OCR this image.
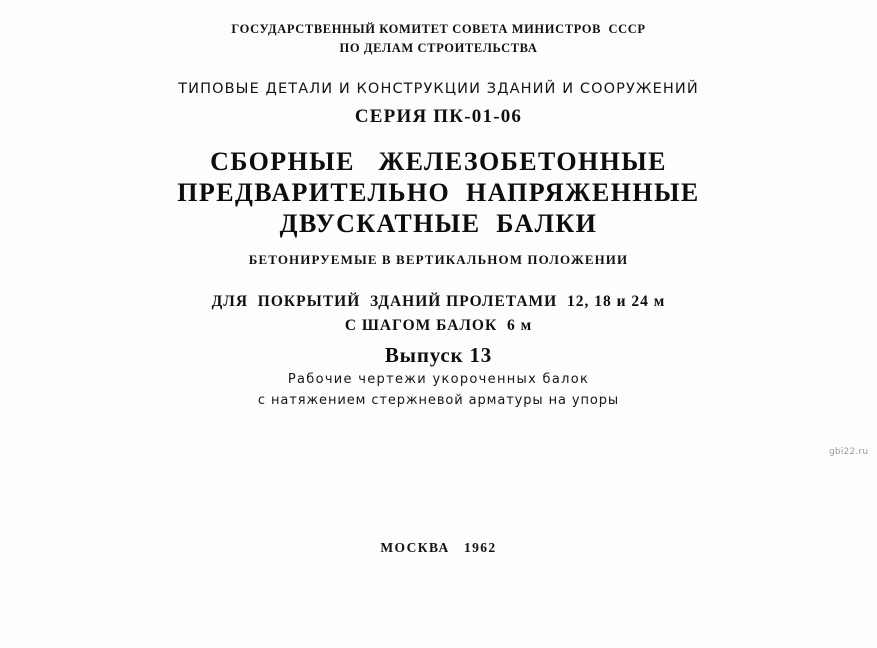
ГОСУДАРСТВЕННЫЙ КОМИТЕТ СОВЕТА МИНИСТРОВ  СССР
ПО ДЕЛАМ СТРОИТЕЛЬСТВА
ТИПОВЫЕ ДЕТАЛИ И КОНСТРУКЦИИ ЗДАНИЙ И СООРУЖЕНИЙ
СЕРИЯ ПК-01-06
СБОРНЫЕ   ЖЕЛЕЗОБЕТОННЫЕ
ПРЕДВАРИТЕЛЬНО  НАПРЯЖЕННЫЕ
ДВУСКАТНЫЕ  БАЛКИ
БЕТОНИРУЕМЫЕ В ВЕРТИКАЛЬНОМ ПОЛОЖЕНИИ
ДЛЯ  ПОКРЫТИЙ  ЗДАНИЙ ПРОЛЕТАМИ  12, 18 и 24 м
С ШАГОМ БАЛОК  6 м
Выпуск 13
Рабочие чертежи укороченных балок
с натяжением стержневой арматуры на упоры
gbi22.ru
МОСКВА   1962
